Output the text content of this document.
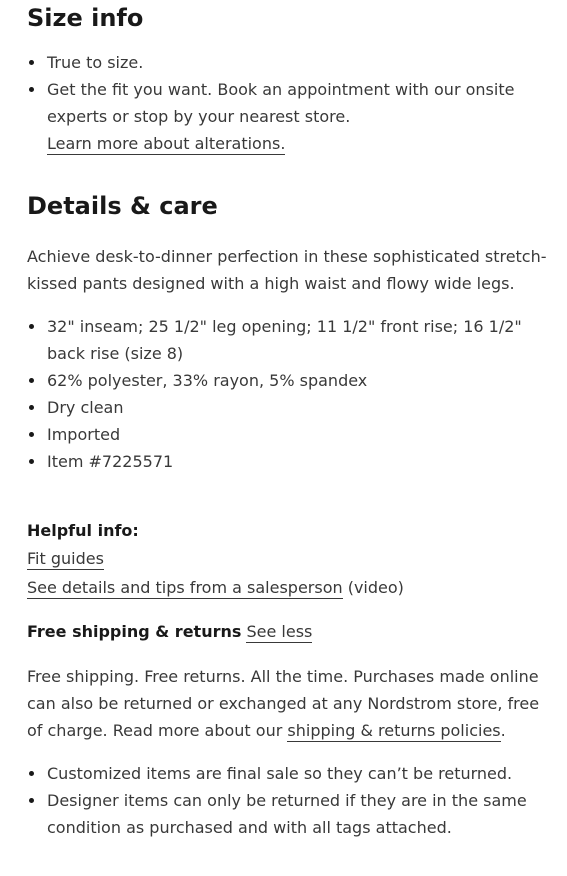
Size info
True to size.
Get the fit you want. Book an appointment with our onsite experts or stop by your nearest store.
Learn more about alterations.
Details & care

Achieve desk-to-dinner perfection in these sophisticated stretch-kissed pants designed with a high waist and flowy wide legs.

32" inseam; 25 1/2" leg opening; 11 1/2" front rise; 16 1/2" back rise (size 8)
62% polyester, 33% rayon, 5% spandex
Dry clean
Imported
Item #7225571
Helpful info:
Fit guides
See details and tips from a salesperson (video)
Free shipping & returns See less

Free shipping. Free returns. All the time. Purchases made online can also be returned or exchanged at any Nordstrom store, free of charge. Read more about our shipping & returns policies.

Customized items are final sale so they can’t be returned.
Designer items can only be returned if they are in the same condition as purchased and with all tags attached.
